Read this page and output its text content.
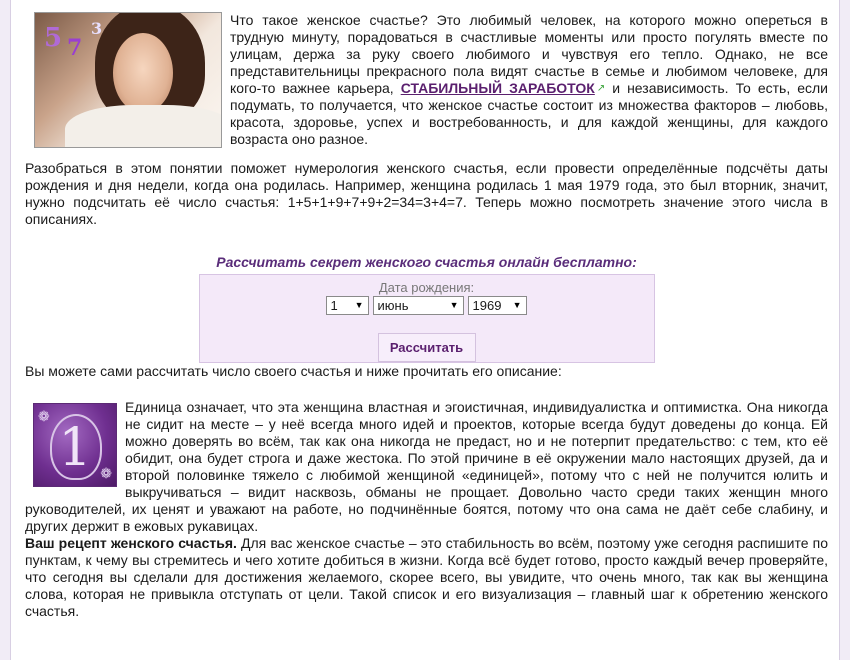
5 7
3	Что такое женское счастье? Это любимый человек, на которого можно опереться в трудную минуту, порадоваться в счастливые моменты или просто погулять вместе по улицам, держа за руку своего любимого и чувствуя его тепло. Однако, не все представительницы прекрасного пола видят счастье в семье и любимом человеке, для кого-то важнее карьера, СТАБИЛЬНЫЙ ЗАРАБОТОК ↗ и независимость. То есть, если подумать, то получается, что женское счастье состоит из множества факторов – любовь, красота, здоровье, успех и востребованность, и для каждой женщины, для каждого возраста оно разное.

Разобраться в этом понятии поможет нумерология женского счастья, если провести определённые подсчёты даты рождения и дня недели, когда она родилась. Например, женщина родилась 1 мая 1979 года, это был вторник, значит, нужно подсчитать её число счастья: 1+5+1+9+7+9+2=34=3+4=7. Теперь можно посмотреть значение этого числа в описаниях.

Рассчитать секрет женского счастья онлайн бесплатно:
Дата рождения:
1 ▼ июнь	▼ 1969 ▼
Рассчитать

Вы можете сами рассчитать число своего счастья и ниже прочитать его описание:

❁
❁
1

Единица означает, что эта женщина властная и эгоистичная, индивидуалистка и оптимистка. Она никогда не сидит на месте – у неё всегда много идей и проектов, которые всегда будут доведены до конца. Ей можно доверять во всём, так как она никогда не предаст, но и не потерпит предательство: с тем, кто её обидит, она будет строга и даже жестока. По этой причине в её окружении мало настоящих друзей, да и второй половинке тяжело с любимой женщиной «единицей», потому что с ней не получится юлить и выкручиваться – видит насквозь, обманы не прощает. Довольно часто среди таких женщин много руководителей, их ценят и уважают на работе, но подчинённые боятся, потому что она сама не даёт себе слабину, и других держит в ежовых рукавицах.

Ваш рецепт женского счастья. Для вас женское счастье – это стабильность во всём, поэтому уже сегодня распишите по пунктам, к чему вы стремитесь и чего хотите добиться в жизни. Когда всё будет готово, просто каждый вечер проверяйте, что сегодня вы сделали для достижения желаемого, скорее всего, вы увидите, что очень много, так как вы женщина слова, которая не привыкла отступать от цели. Такой список и его визуализация – главный шаг к обретению женского счастья.
